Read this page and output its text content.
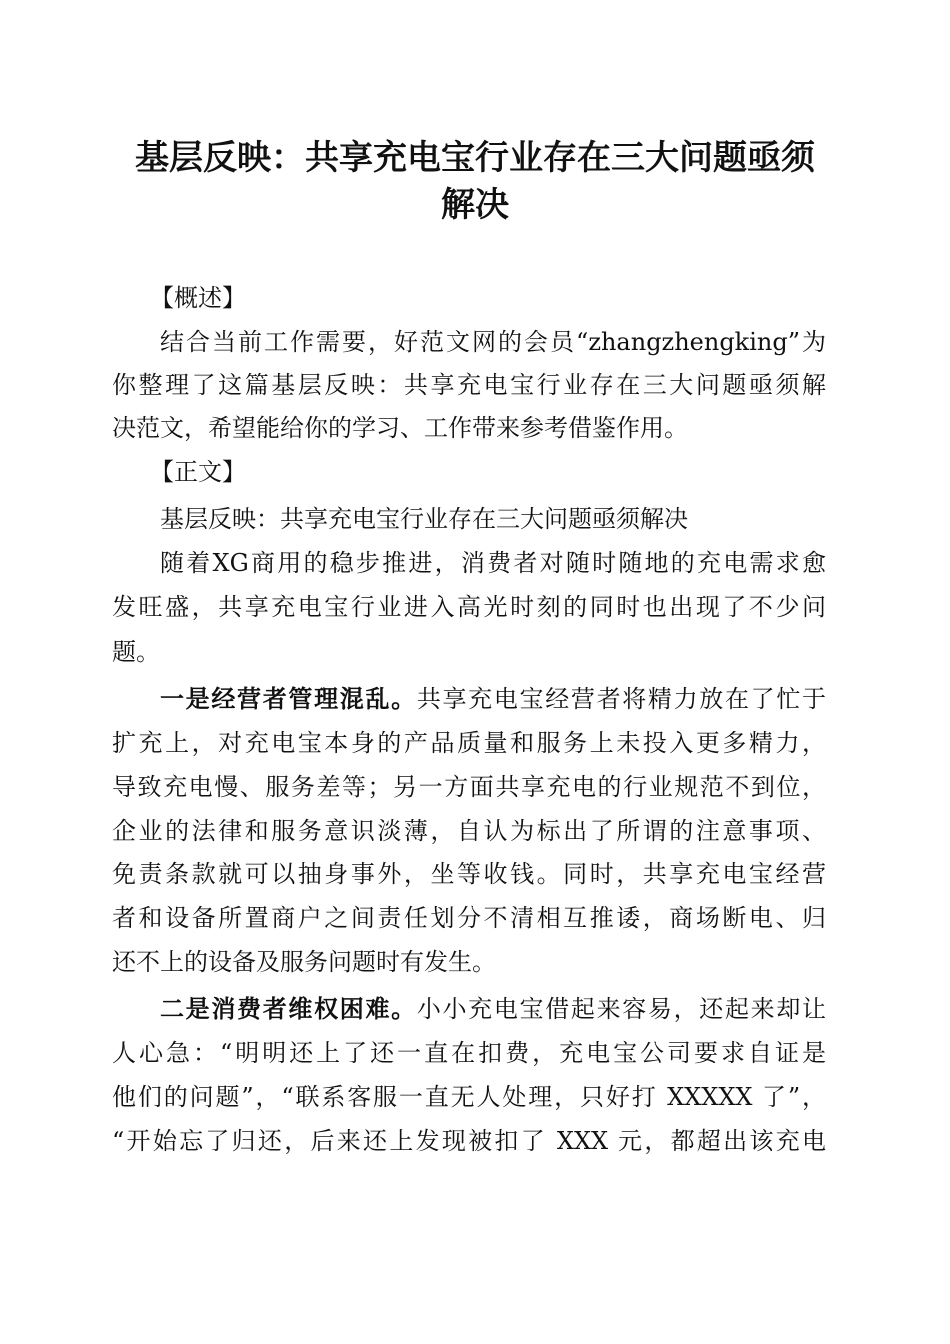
基层反映：共享充电宝行业存在三大问题亟须
解决
【概述】
结合当前工作需要，好范文网的会员“zhangzhengking”为
你整理了这篇基层反映：共享充电宝行业存在三大问题亟须解
决范文，希望能给你的学习、工作带来参考借鉴作用。
【正文】
基层反映：共享充电宝行业存在三大问题亟须解决
随着XG商用的稳步推进，消费者对随时随地的充电需求愈
发旺盛，共享充电宝行业进入高光时刻的同时也出现了不少问
题。
一是经营者管理混乱。共享充电宝经营者将精力放在了忙于
扩充上，对充电宝本身的产品质量和服务上未投入更多精力，
导致充电慢、服务差等；另一方面共享充电的行业规范不到位，
企业的法律和服务意识淡薄，自认为标出了所谓的注意事项、
免责条款就可以抽身事外，坐等收钱。同时，共享充电宝经营
者和设备所置商户之间责任划分不清相互推诿，商场断电、归
还不上的设备及服务问题时有发生。
二是消费者维权困难。小小充电宝借起来容易，还起来却让
人心急：“明明还上了还一直在扣费，充电宝公司要求自证是
他们的问题”，“联系客服一直无人处理，只好打 XXXXX 了”，
“开始忘了归还，后来还上发现被扣了 XXX 元，都超出该充电
